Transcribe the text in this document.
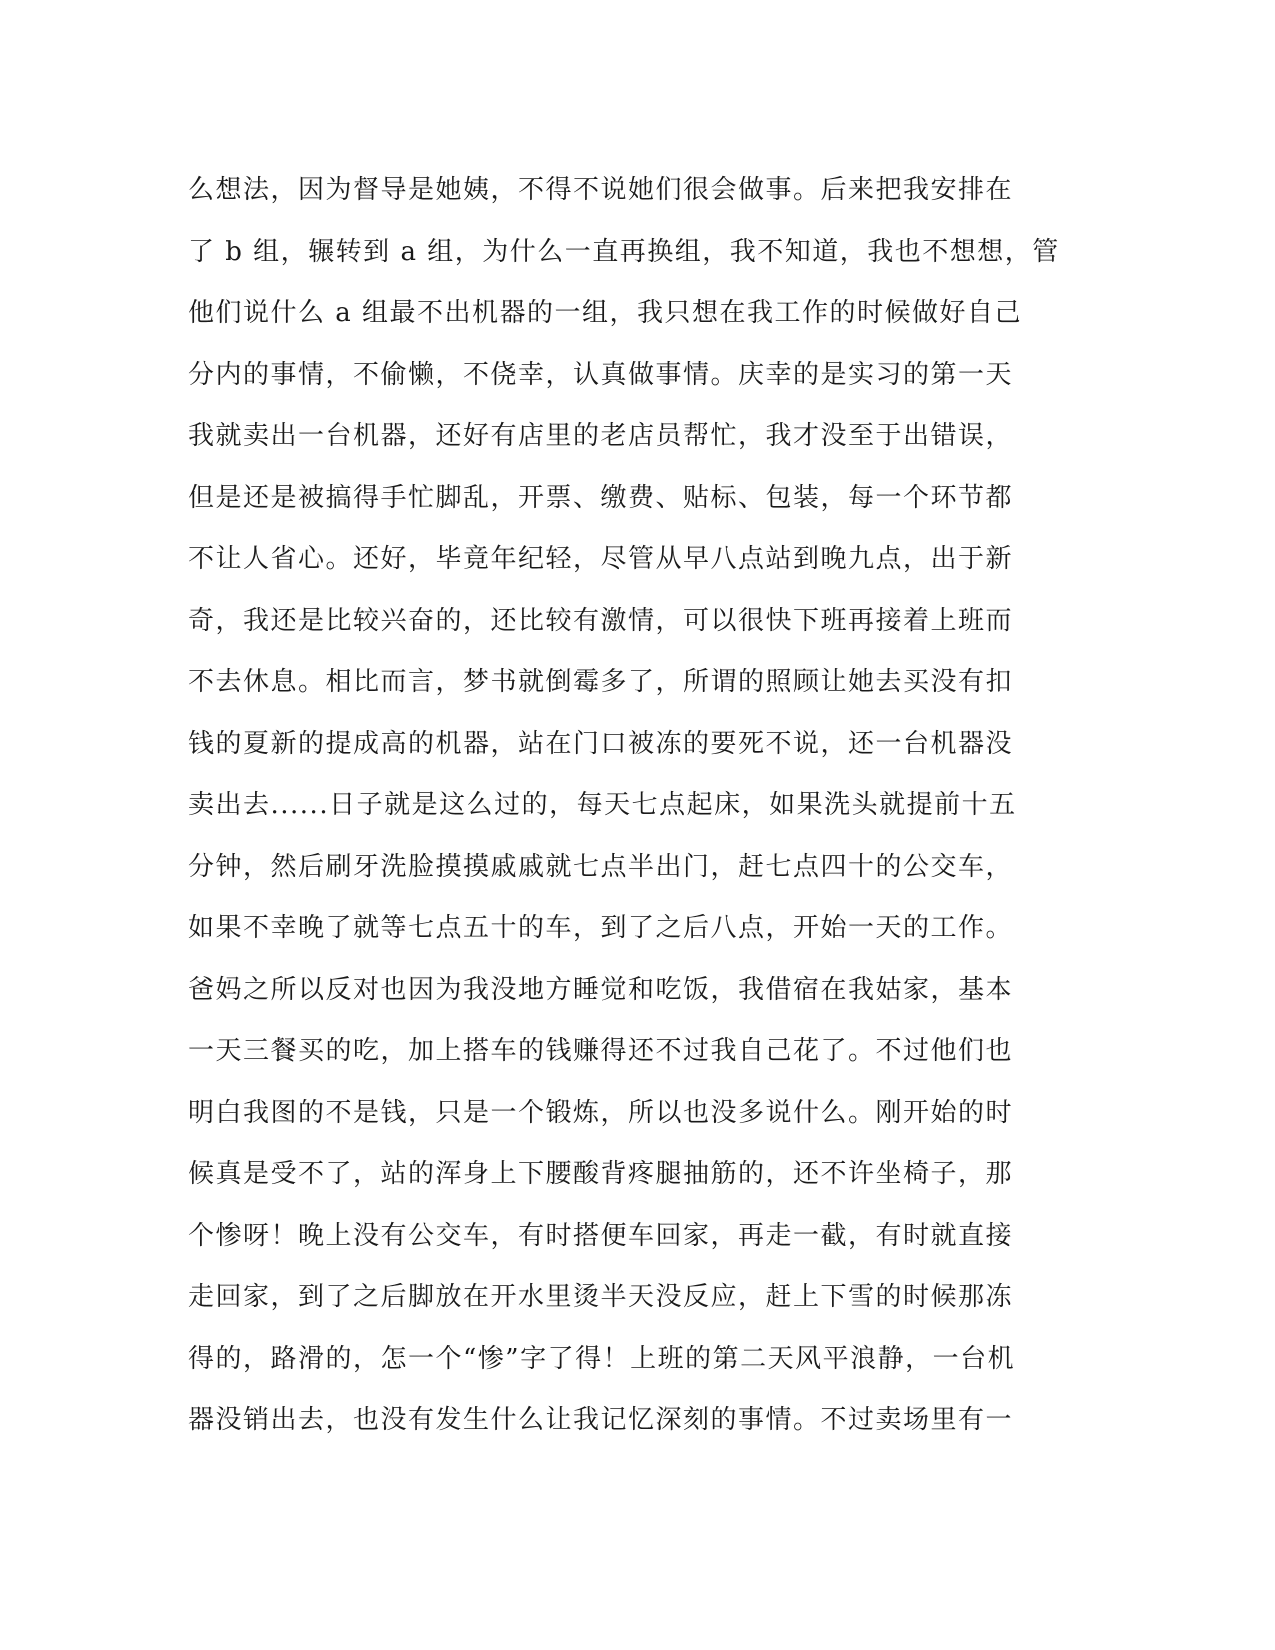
么想法，因为督导是她姨，不得不说她们很会做事。后来把我安排在
了 b 组，辗转到 a 组，为什么一直再换组，我不知道，我也不想想，管
他们说什么 a 组最不出机器的一组，我只想在我工作的时候做好自己
分内的事情，不偷懒，不侥幸，认真做事情。庆幸的是实习的第一天
我就卖出一台机器，还好有店里的老店员帮忙，我才没至于出错误，
但是还是被搞得手忙脚乱，开票、缴费、贴标、包装，每一个环节都
不让人省心。还好，毕竟年纪轻，尽管从早八点站到晚九点，出于新
奇，我还是比较兴奋的，还比较有激情，可以很快下班再接着上班而
不去休息。相比而言，梦书就倒霉多了，所谓的照顾让她去买没有扣
钱的夏新的提成高的机器，站在门口被冻的要死不说，还一台机器没
卖出去......日子就是这么过的，每天七点起床，如果洗头就提前十五
分钟，然后刷牙洗脸摸摸戚戚就七点半出门，赶七点四十的公交车，
如果不幸晚了就等七点五十的车，到了之后八点，开始一天的工作。
爸妈之所以反对也因为我没地方睡觉和吃饭，我借宿在我姑家，基本
一天三餐买的吃，加上搭车的钱赚得还不过我自己花了。不过他们也
明白我图的不是钱，只是一个锻炼，所以也没多说什么。刚开始的时
候真是受不了，站的浑身上下腰酸背疼腿抽筋的，还不许坐椅子，那
个惨呀！晚上没有公交车，有时搭便车回家，再走一截，有时就直接
走回家，到了之后脚放在开水里烫半天没反应，赶上下雪的时候那冻
得的，路滑的，怎一个“惨”字了得！上班的第二天风平浪静，一台机
器没销出去，也没有发生什么让我记忆深刻的事情。不过卖场里有一
